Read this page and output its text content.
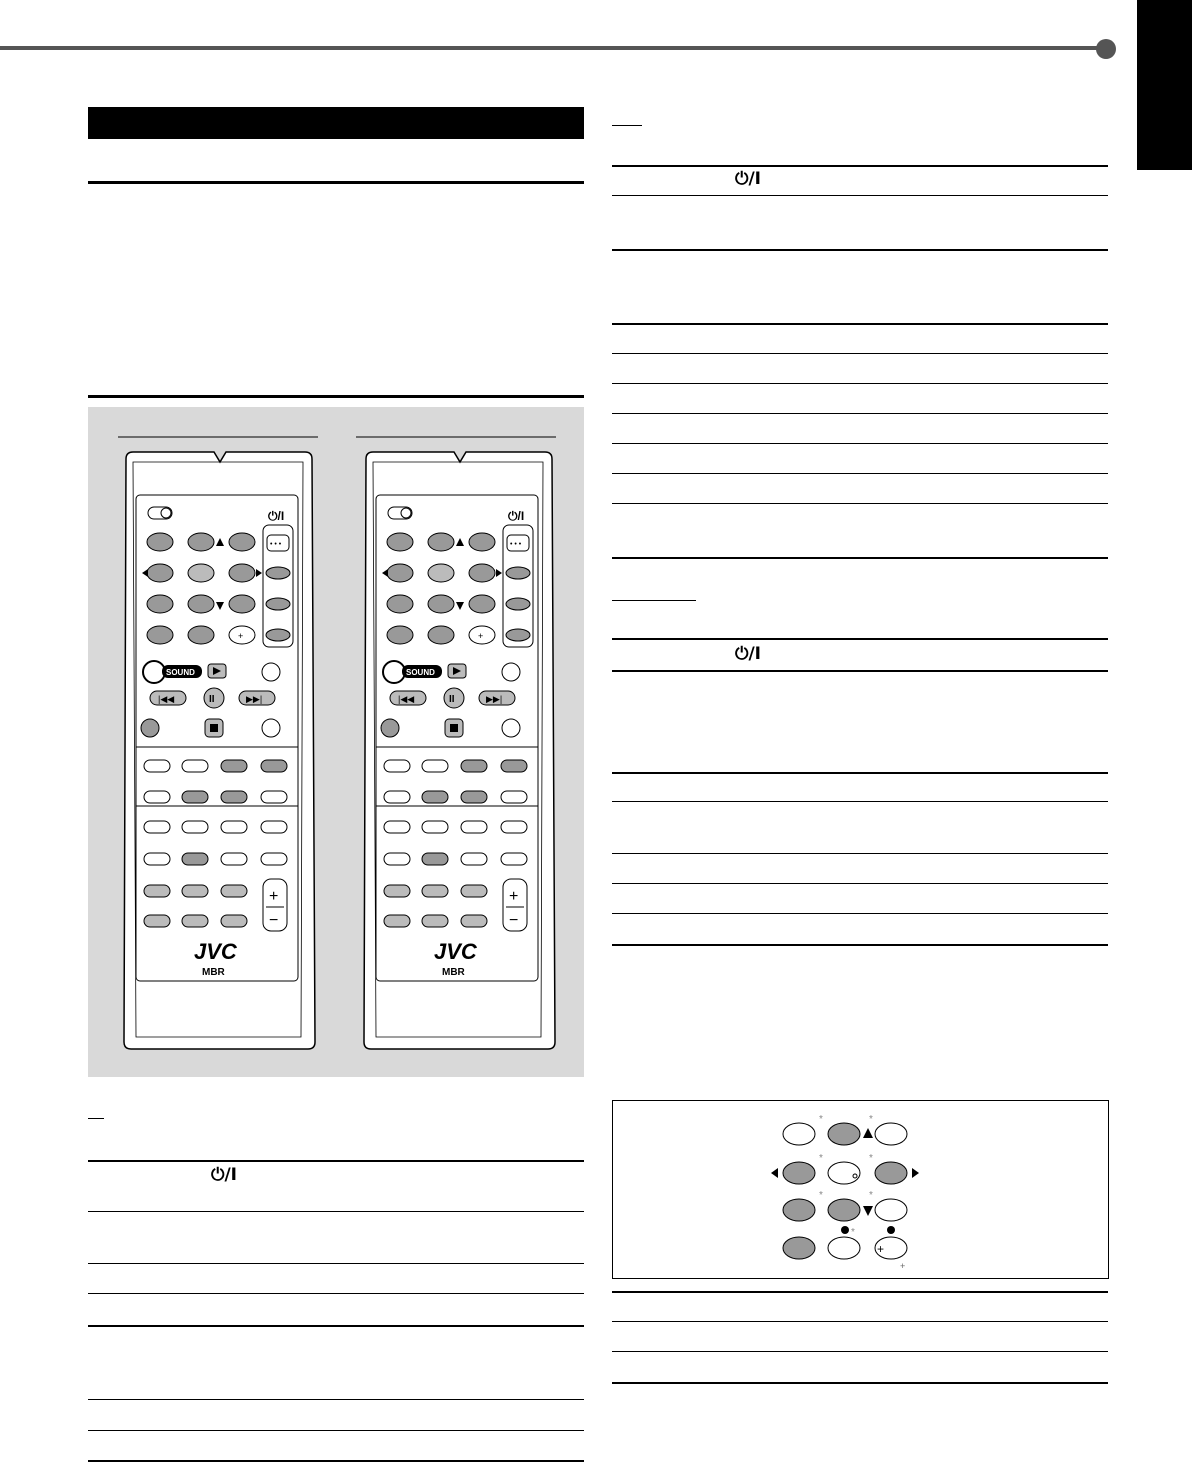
⏻/I
⏻/I
⏻/I
+
+
*	*
*	*
*	*
*
